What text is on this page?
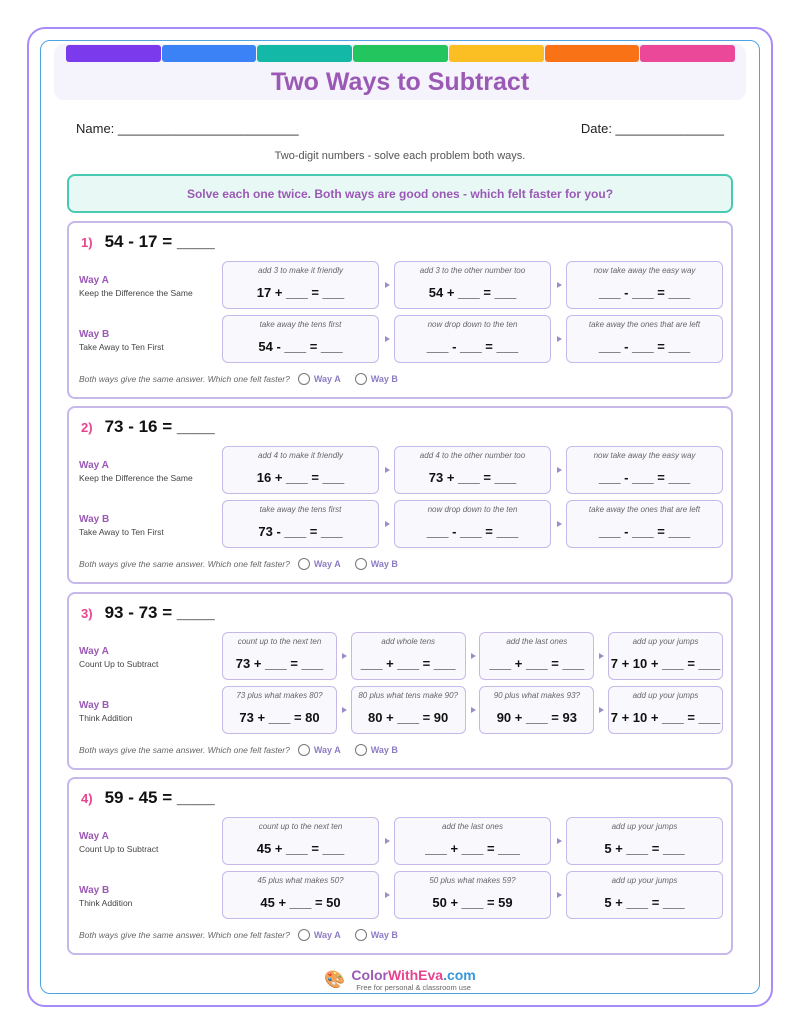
Two Ways to Subtract
Name: _________________________	Date: _______________
Two-digit numbers - solve each problem both ways.
Solve each one twice. Both ways are good ones - which felt faster for you?
1) 54 - 17 = ____
Way A
Keep the Difference the Same
add 3 to make it friendly
17 + ___ = ___
add 3 to the other number too
54 + ___ = ___
now take away the easy way
___ - ___ = ___
Way B
Take Away to Ten First
take away the tens first
54 - ___ = ___
now drop down to the ten
___ - ___ = ___
take away the ones that are left
___ - ___ = ___
Both ways give the same answer. Which one felt faster?	Way A	Way B
2) 73 - 16 = ____
Way A
Keep the Difference the Same
add 4 to make it friendly
16 + ___ = ___
add 4 to the other number too
73 + ___ = ___
now take away the easy way
___ - ___ = ___
Way B
Take Away to Ten First
take away the tens first
73 - ___ = ___
now drop down to the ten
___ - ___ = ___
take away the ones that are left
___ - ___ = ___
Both ways give the same answer. Which one felt faster?	Way A	Way B
3) 93 - 73 = ____
Way A
Count Up to Subtract
count up to the next ten
73 + ___ = ___
add whole tens
___ + ___ = ___
add the last ones
___ + ___ = ___
add up your jumps
7 + 10 + ___ = ___
Way B
Think Addition
73 plus what makes 80?
73 + ___ = 80
80 plus what tens make 90?
80 + ___ = 90
90 plus what makes 93?
90 + ___ = 93
add up your jumps
7 + 10 + ___ = ___
Both ways give the same answer. Which one felt faster?	Way A	Way B
4) 59 - 45 = ____
Way A
Count Up to Subtract
count up to the next ten
45 + ___ = ___
add the last ones
___ + ___ = ___
add up your jumps
5 + ___ = ___
Way B
Think Addition
45 plus what makes 50?
45 + ___ = 50
50 plus what makes 59?
50 + ___ = 59
add up your jumps
5 + ___ = ___
Both ways give the same answer. Which one felt faster?	Way A	Way B
🎨 ColorWithEva.com
Free for personal & classroom use
